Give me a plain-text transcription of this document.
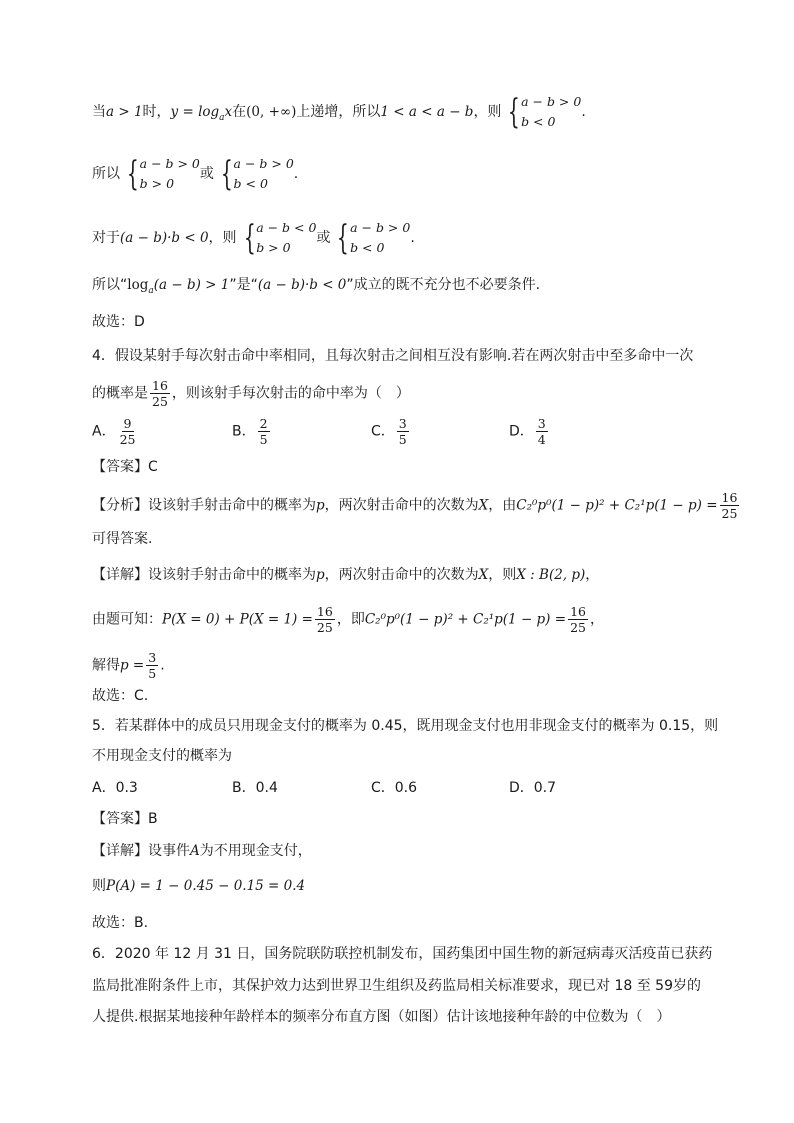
当a > 1时，$y = \log_ax$在(0, +∞)上递增，所以1 < a < a − b，则 { a − b > 0
b < 0
.
所以 { a − b > 0
b > 0
或 { a − b > 0
b < 0
.
对于(a − b)·b < 0，则 { a − b < 0
b > 0
或 { a − b > 0
b < 0
.
所以“$\log_a(a - b) > 1$”是“(a − b)·b < 0”成立的既不充分也不必要条件.
故选：D
4．假设某射手每次射击命中率相同，且每次射击之间相互没有影响.若在两次射击中至多命中一次
的概率是 $\frac{16}{25}$ ，则该射手每次射击的命中率为（　）
A． $\frac{9}{25}$	B． $\frac{2}{5}$	C． $\frac{3}{5}$	D． $\frac{3}{4}$
【答案】C
【分析】设该射手射击命中的概率为p，两次射击命中的次数为X，由$C_2^0p^0(1 - p)^2 + C_2^1p(1 - p) = \frac{16}{25}$
可得答案.
【详解】设该射手射击命中的概率为p，两次射击命中的次数为X，则X : B(2, p)，
由题可知：$P(X = 0) + P(X = 1) = \frac{16}{25}$ ，即$C_2^0p^0(1 - p)^2 + C_2^1p(1 - p) = \frac{16}{25}$ ，
解得$p = \frac{3}{5}$ .
故选：C.
5．若某群体中的成员只用现金支付的概率为 0.45，既用现金支付也用非现金支付的概率为 0.15，则
不用现金支付的概率为
A．0.3	B．0.4	C．0.6	D．0.7
【答案】B
【详解】设事件A为不用现金支付，
则P(A) = 1 − 0.45 − 0.15 = 0.4
故选：B.
6．2020 年 12 月 31 日，国务院联防联控机制发布，国药集团中国生物的新冠病毒灭活疫苗已获药
监局批准附条件上市，其保护效力达到世界卫生组织及药监局相关标准要求，现已对 18 至 59岁的
人提供.根据某地接种年龄样本的频率分布直方图（如图）估计该地接种年龄的中位数为（　）
